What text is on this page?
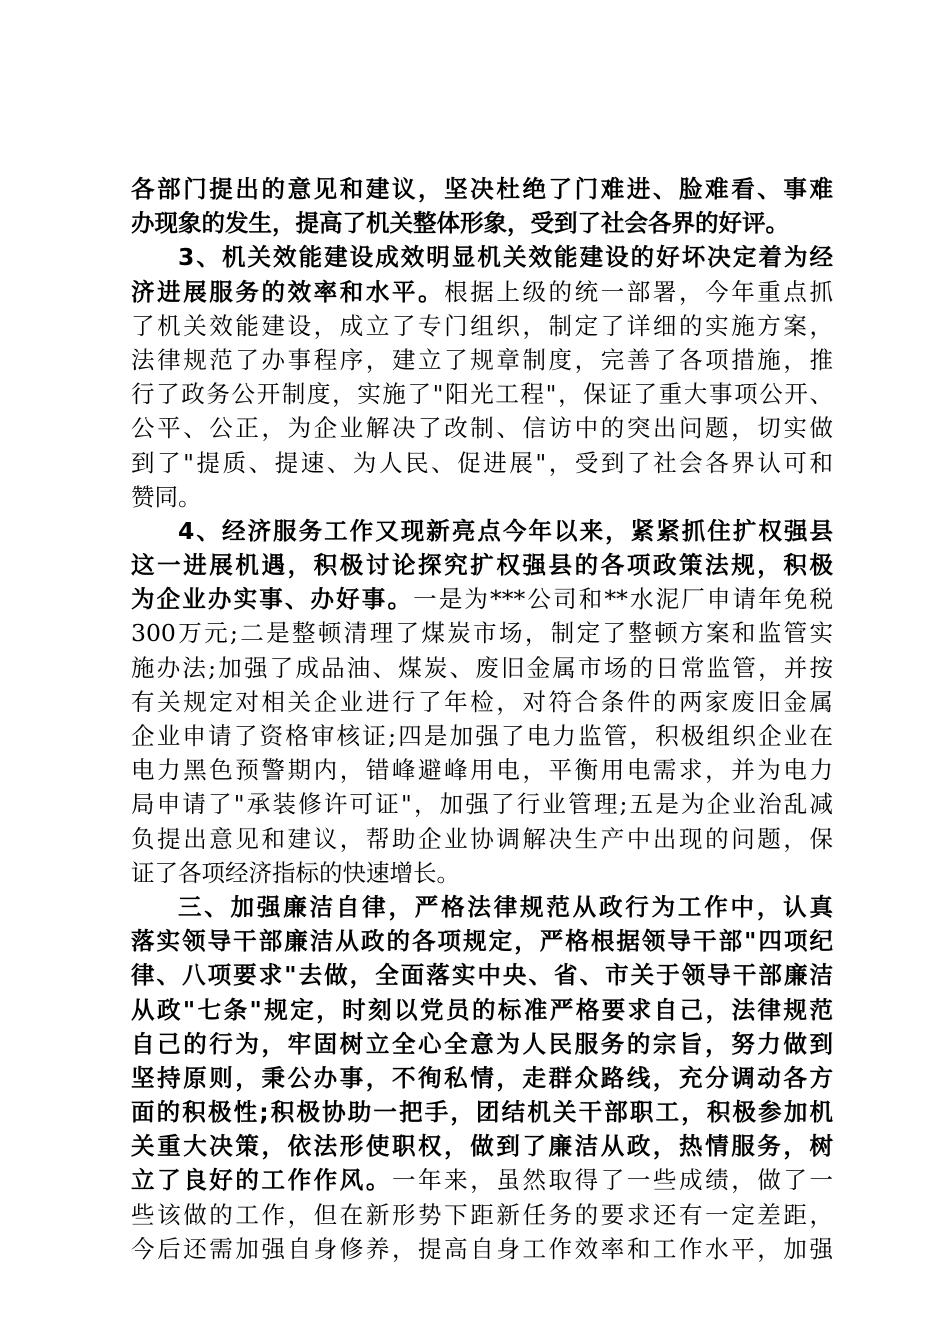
各部门提出的意见和建议，坚决杜绝了门难进、脸难看、事难
办现象的发生，提高了机关整体形象，受到了社会各界的好评。
3、机关效能建设成效明显机关效能建设的好坏决定着为经
济进展服务的效率和水平。根据上级的统一部署，今年重点抓
了机关效能建设，成立了专门组织，制定了详细的实施方案，
法律规范了办事程序，建立了规章制度，完善了各项措施，推
行了政务公开制度，实施了"阳光工程"，保证了重大事项公开、
公平、公正，为企业解决了改制、信访中的突出问题，切实做
到了"提质、提速、为人民、促进展"，受到了社会各界认可和
赞同。
4、经济服务工作又现新亮点今年以来，紧紧抓住扩权强县
这一进展机遇，积极讨论探究扩权强县的各项政策法规，积极
为企业办实事、办好事。一是为***公司和**水泥厂申请年免税
300万元;二是整顿清理了煤炭市场，制定了整顿方案和监管实
施办法;加强了成品油、煤炭、废旧金属市场的日常监管，并按
有关规定对相关企业进行了年检，对符合条件的两家废旧金属
企业申请了资格审核证;四是加强了电力监管，积极组织企业在
电力黑色预警期内，错峰避峰用电，平衡用电需求，并为电力
局申请了"承装修许可证"，加强了行业管理;五是为企业治乱减
负提出意见和建议，帮助企业协调解决生产中出现的问题，保
证了各项经济指标的快速增长。
三、加强廉洁自律，严格法律规范从政行为工作中，认真
落实领导干部廉洁从政的各项规定，严格根据领导干部"四项纪
律、八项要求"去做，全面落实中央、省、市关于领导干部廉洁
从政"七条"规定，时刻以党员的标准严格要求自己，法律规范
自己的行为，牢固树立全心全意为人民服务的宗旨，努力做到
坚持原则，秉公办事，不徇私情，走群众路线，充分调动各方
面的积极性;积极协助一把手，团结机关干部职工，积极参加机
关重大决策，依法形使职权，做到了廉洁从政，热情服务，树
立了良好的工作作风。一年来，虽然取得了一些成绩，做了一
些该做的工作，但在新形势下距新任务的要求还有一定差距，
今后还需加强自身修养，提高自身工作效率和工作水平，加强
